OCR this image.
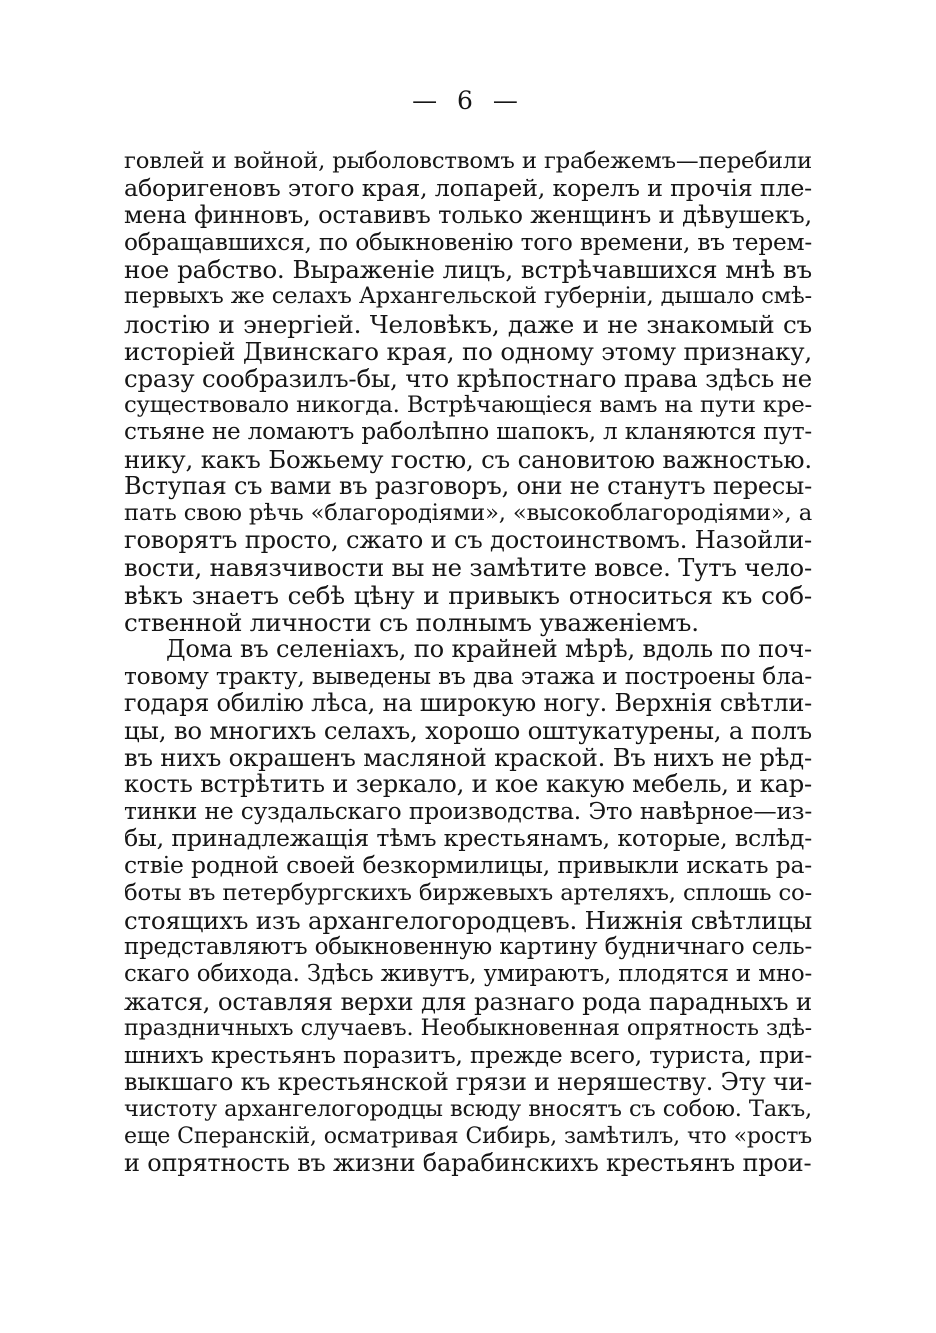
— 6 —
говлей и войной, рыболовствомъ и грабежемъ—перебили
аборигеновъ этого края, лопарей, корелъ и прочія пле-
мена финновъ, оставивъ только женщинъ и дѣвушекъ,
обращавшихся, по обыкновенію того времени, въ терем-
ное рабство. Выраженіе лицъ, встрѣчавшихся мнѣ въ
первыхъ же селахъ Архангельской губерніи, дышало смѣ-
лостію и энергіей. Человѣкъ, даже и не знакомый съ
исторіей Двинскаго края, по одному этому признаку,
сразу сообразилъ-бы, что крѣпостнаго права здѣсь не
существовало никогда. Встрѣчающіеся вамъ на пути кре-
стьяне не ломаютъ раболѣпно шапокъ, л кланяются пут-
нику, какъ Божьему гостю, съ сановитою важностью.
Вступая съ вами въ разговоръ, они не станутъ пересы-
пать свою рѣчь «благородіями», «высокоблагородіями», а
говорятъ просто, сжато и съ достоинствомъ. Назойли-
вости, навязчивости вы не замѣтите вовсе. Тутъ чело-
вѣкъ знаетъ себѣ цѣну и привыкъ относиться къ соб-
ственной личности съ полнымъ уваженіемъ.
Дома въ селеніахъ, по крайней мѣрѣ, вдоль по поч-
товому тракту, выведены въ два этажа и построены бла-
годаря обилію лѣса, на широкую ногу. Верхнія свѣтли-
цы, во многихъ селахъ, хорошо оштукатурены, а полъ
въ нихъ окрашенъ масляной краской. Въ нихъ не рѣд-
кость встрѣтить и зеркало, и кое какую мебель, и кар-
тинки не суздальскаго производства. Это навѣрное—из-
бы, принадлежащія тѣмъ крестьянамъ, которые, вслѣд-
ствіе родной своей безкормилицы, привыкли искать ра-
боты въ петербургскихъ биржевыхъ артеляхъ, сплошь со-
стоящихъ изъ архангелогородцевъ. Нижнія свѣтлицы
представляютъ обыкновенную картину будничнаго сель-
скаго обихода. Здѣсь живутъ, умираютъ, плодятся и мно-
жатся, оставляя верхи для разнаго рода парадныхъ и
праздничныхъ случаевъ. Необыкновенная опрятность здѣ-
шнихъ крестьянъ поразитъ, прежде всего, туриста, при-
выкшаго къ крестьянской грязи и неряшеству. Эту чи-
чистоту архангелогородцы всюду вносятъ съ собою. Такъ,
еще Сперанскій, осматривая Сибирь, замѣтилъ, что «ростъ
и опрятность въ жизни барабинскихъ крестьянъ прои-
